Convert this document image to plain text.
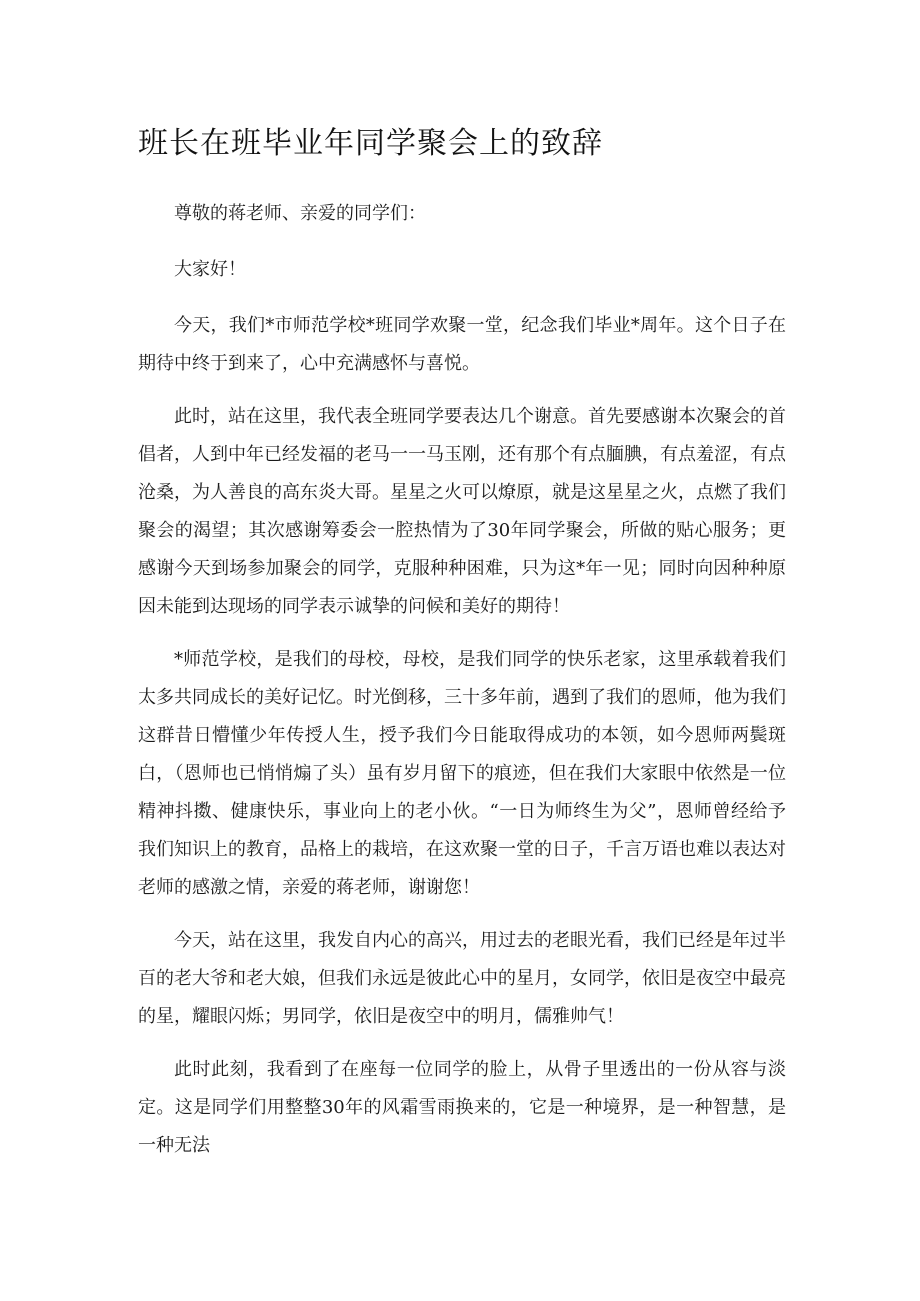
班长在班毕业年同学聚会上的致辞

尊敬的蒋老师、亲爱的同学们：

大家好！

今天，我们*市师范学校*班同学欢聚一堂，纪念我们毕业*周年。这个日子在期待中终于到来了，心中充满感怀与喜悦。

此时，站在这里，我代表全班同学要表达几个谢意。首先要感谢本次聚会的首倡者，人到中年已经发福的老马一一马玉刚，还有那个有点腼腆，有点羞涩，有点沧桑，为人善良的高东炎大哥。星星之火可以燎原，就是这星星之火，点燃了我们聚会的渴望；其次感谢筹委会一腔热情为了30年同学聚会，所做的贴心服务；更感谢今天到场参加聚会的同学，克服种种困难，只为这*年一见；同时向因种种原因未能到达现场的同学表示诚挚的问候和美好的期待！

*师范学校，是我们的母校，母校，是我们同学的快乐老家，这里承载着我们太多共同成长的美好记忆。时光倒移，三十多年前，遇到了我们的恩师，他为我们这群昔日懵懂少年传授人生，授予我们今日能取得成功的本领，如今恩师两鬓斑白，（恩师也已悄悄煽了头）虽有岁月留下的痕迹，但在我们大家眼中依然是一位精神抖擞、健康快乐，事业向上的老小伙。“一日为师终生为父”，恩师曾经给予我们知识上的教育，品格上的栽培，在这欢聚一堂的日子，千言万语也难以表达对老师的感激之情，亲爱的蒋老师，谢谢您！

今天，站在这里，我发自内心的高兴，用过去的老眼光看，我们已经是年过半百的老大爷和老大娘，但我们永远是彼此心中的星月，女同学，依旧是夜空中最亮的星，耀眼闪烁；男同学，依旧是夜空中的明月，儒雅帅气！

此时此刻，我看到了在座每一位同学的脸上，从骨子里透出的一份从容与淡定。这是同学们用整整30年的风霜雪雨换来的，它是一种境界，是一种智慧，是一种无法
